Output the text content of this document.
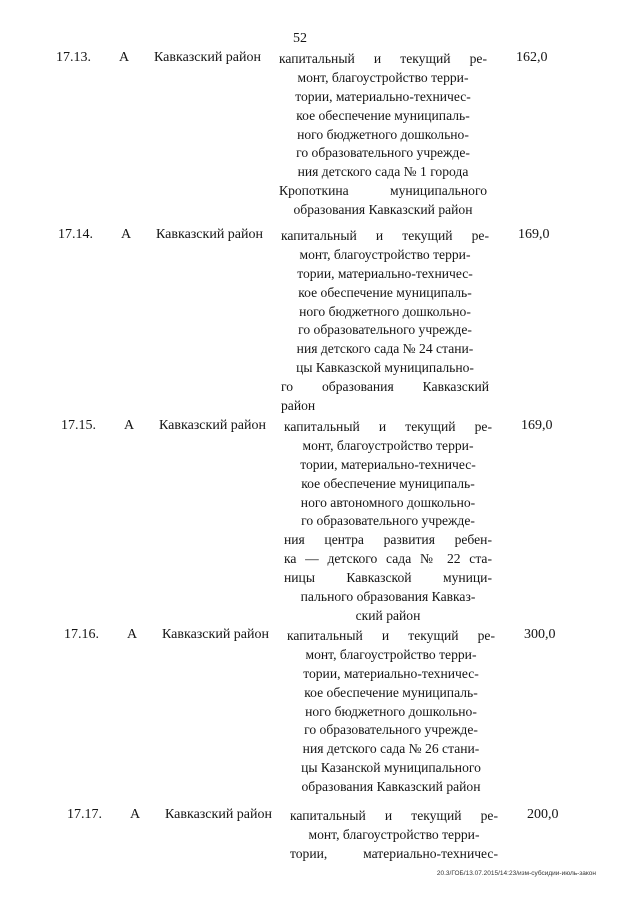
52
17.13. А Кавказский район капитальный и текущий ре-
монт, благоустройство терри-
тории, материально-техничес-
кое обеспечение муниципаль-
ного бюджетного дошкольно-
го образовательного учрежде-
ния детского сада № 1 города
Кропоткина муниципального
образования Кавказский район
162,0
17.14. А Кавказский район капитальный и текущий ре-
монт, благоустройство терри-
тории, материально-техничес-
кое обеспечение муниципаль-
ного бюджетного дошкольно-
го образовательного учрежде-
ния детского сада № 24 стани-
цы Кавказской муниципально-
го образования Кавказский
район
169,0
17.15. А Кавказский район капитальный и текущий ре-
монт, благоустройство терри-
тории, материально-техничес-
кое обеспечение муниципаль-
ного автономного дошкольно-
го образовательного учрежде-
ния центра развития ребен-
ка — детского сада № 22 ста-
ницы Кавказской муници-
пального образования Кавказ-
ский район
169,0
17.16. А Кавказский район капитальный и текущий ре-
монт, благоустройство терри-
тории, материально-техничес-
кое обеспечение муниципаль-
ного бюджетного дошкольно-
го образовательного учрежде-
ния детского сада № 26 стани-
цы Казанской муниципального
образования Кавказский район
300,0
17.17. А Кавказский район капитальный и текущий ре-
монт, благоустройство терри-
тории, материально-техничес-
200,0
20.3/ГОБ/13.07.2015/14:23/изм-субсидии-июль-закон
